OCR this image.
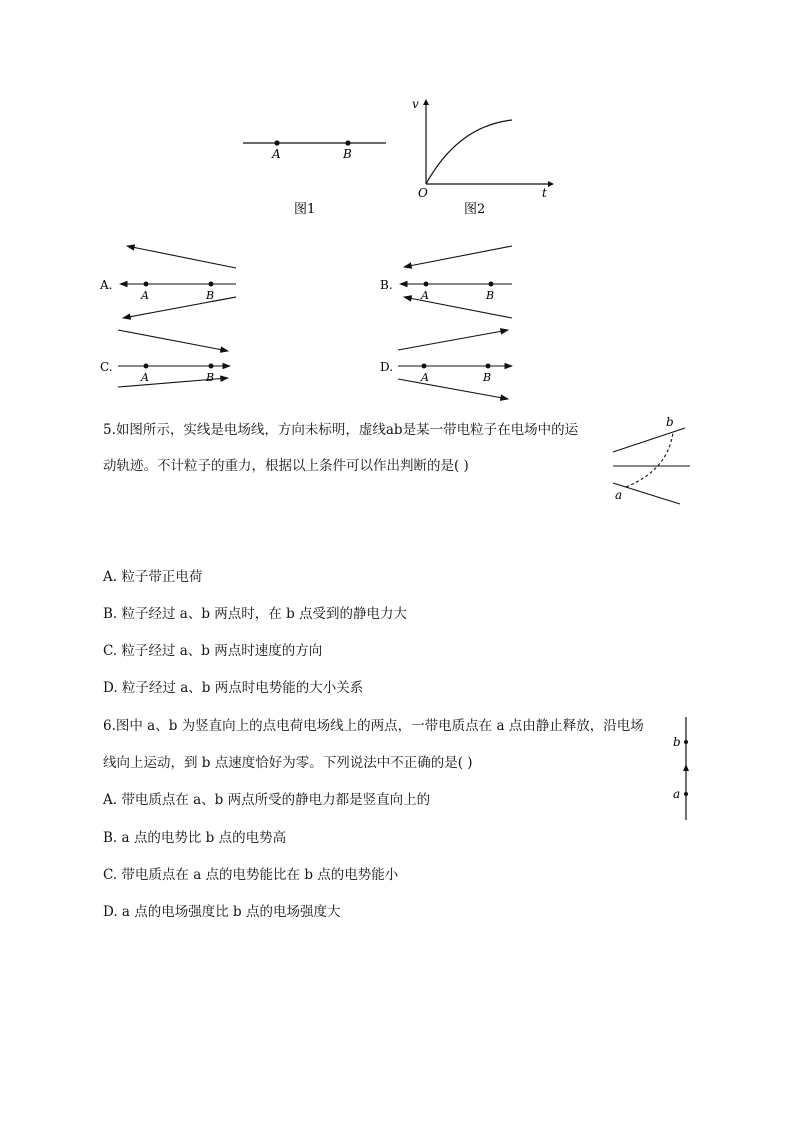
A	B
图1
v
t
O
图2
A.
A	B
B.
A	B
C.
A	B
D.
A	B
5.如图所示，实线是电场线，方向未标明，虚线ab是某一带电粒子在电场中的运
动轨迹。不计粒子的重力，根据以上条件可以作出判断的是( )
b
a
A. 粒子带正电荷
B. 粒子经过 a、b 两点时，在 b 点受到的静电力大
C. 粒子经过 a、b 两点时速度的方向
D. 粒子经过 a、b 两点时电势能的大小关系
6.图中 a、b 为竖直向上的点电荷电场线上的两点，一带电质点在 a 点由静止释放，沿电场
线向上运动，到 b 点速度恰好为零。下列说法中不正确的是( )
b
a
A. 带电质点在 a、b 两点所受的静电力都是竖直向上的
B. a 点的电势比 b 点的电势高
C. 带电质点在 a 点的电势能比在 b 点的电势能小
D. a 点的电场强度比 b 点的电场强度大
